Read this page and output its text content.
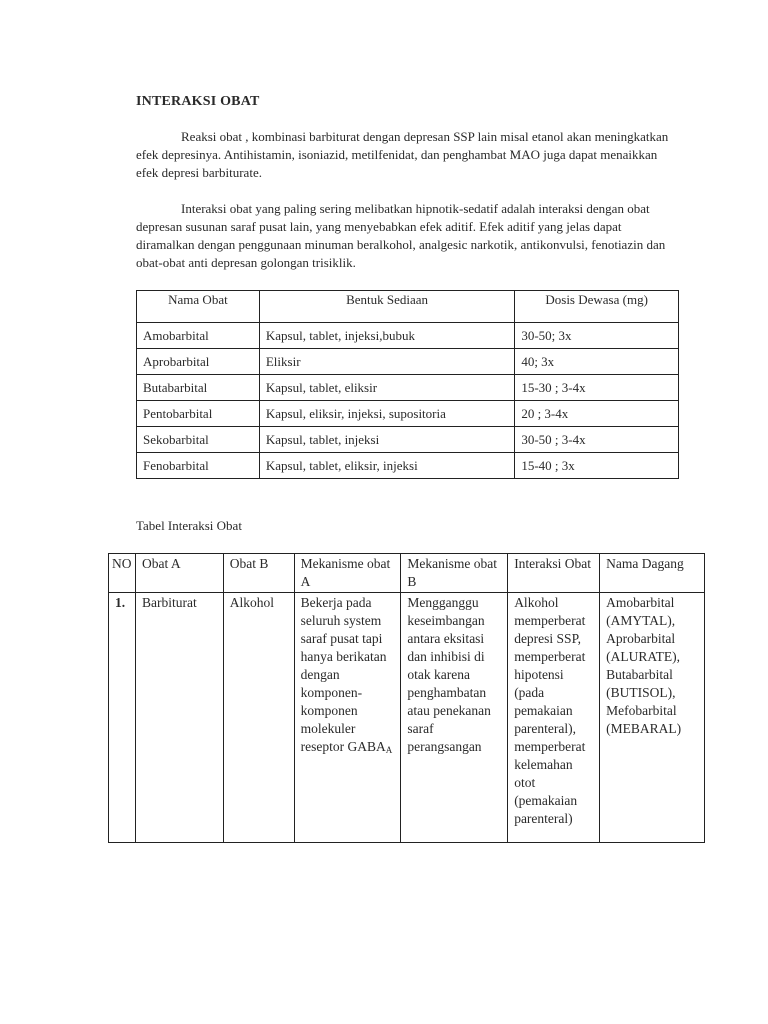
INTERAKSI OBAT
Reaksi obat , kombinasi barbiturat dengan depresan SSP lain misal etanol akan meningkatkan efek depresinya. Antihistamin, isoniazid, metilfenidat, dan penghambat MAO juga dapat menaikkan efek depresi barbiturate.
Interaksi obat yang paling sering melibatkan hipnotik-sedatif adalah interaksi dengan obat depresan susunan saraf pusat lain, yang menyebabkan efek aditif. Efek aditif yang jelas dapat diramalkan dengan penggunaan minuman beralkohol, analgesic narkotik, antikonvulsi, fenotiazin dan obat-obat anti depresan golongan trisiklik.
Nama Obat	Bentuk Sediaan	Dosis Dewasa (mg)
Amobarbital	Kapsul, tablet, injeksi,bubuk	30-50; 3x
Aprobarbital	Eliksir	40; 3x
Butabarbital	Kapsul, tablet, eliksir	15-30 ; 3-4x
Pentobarbital	Kapsul, eliksir, injeksi, supositoria	20 ; 3-4x
Sekobarbital	Kapsul, tablet, injeksi	30-50 ; 3-4x
Fenobarbital	Kapsul, tablet, eliksir, injeksi	15-40 ; 3x
Tabel Interaksi Obat
NO	Obat A	Obat B	Mekanisme obat A	Mekanisme obat B	Interaksi Obat	Nama Dagang
1.	Barbiturat	Alkohol	Bekerja pada seluruh system saraf pusat tapi hanya berikatan dengan komponen-komponen molekuler reseptor GABAA	Mengganggu keseimbangan antara eksitasi dan inhibisi di otak karena penghambatan atau penekanan saraf perangsangan	Alkohol memperberat depresi SSP, memperberat hipotensi (pada pemakaian parenteral), memperberat kelemahan otot (pemakaian parenteral)	Amobarbital (AMYTAL), Aprobarbital (ALURATE), Butabarbital (BUTISOL), Mefobarbital (MEBARAL)
